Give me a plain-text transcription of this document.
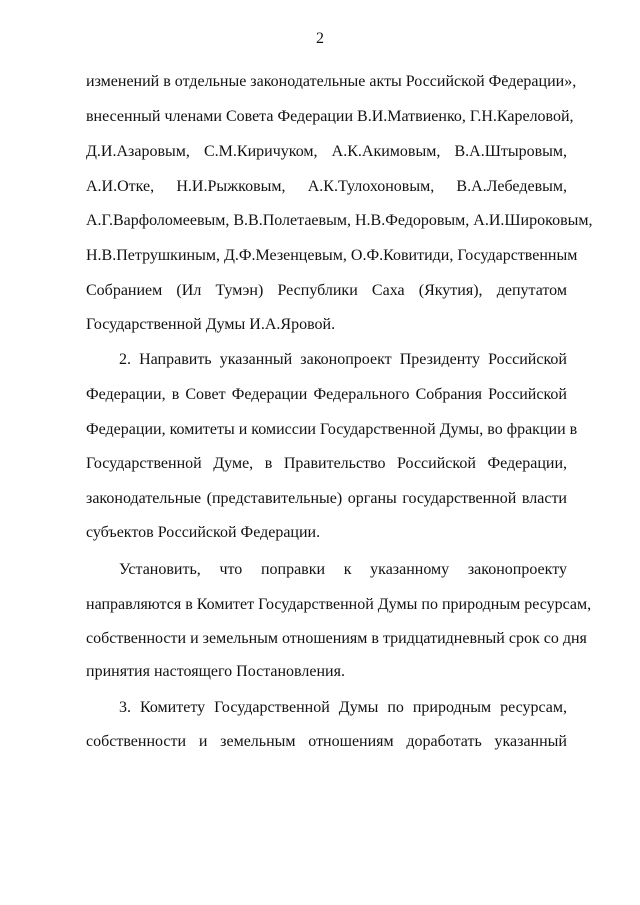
2
изменений в отдельные законодательные акты Российской Федерации»,
внесенный членами Совета Федерации В.И.Матвиенко, Г.Н.Кареловой,
Д.И.Азаровым, С.М.Киричуком, А.К.Акимовым, В.А.Штыровым,
А.И.Отке, Н.И.Рыжковым, А.К.Тулохоновым, В.А.Лебедевым,
А.Г.Варфоломеевым, В.В.Полетаевым, Н.В.Федоровым, А.И.Широковым,
Н.В.Петрушкиным, Д.Ф.Мезенцевым, О.Ф.Ковитиди, Государственным
Собранием (Ил Тумэн) Республики Саха (Якутия), депутатом
Государственной Думы И.А.Яровой.
2. Направить указанный законопроект Президенту Российской
Федерации, в Совет Федерации Федерального Собрания Российской
Федерации, комитеты и комиссии Государственной Думы, во фракции в
Государственной Думе, в Правительство Российской Федерации,
законодательные (представительные) органы государственной власти
субъектов Российской Федерации.
Установить, что поправки к указанному законопроекту
направляются в Комитет Государственной Думы по природным ресурсам,
собственности и земельным отношениям в тридцатидневный срок со дня
принятия настоящего Постановления.
3. Комитету Государственной Думы по природным ресурсам,
собственности и земельным отношениям доработать указанный
